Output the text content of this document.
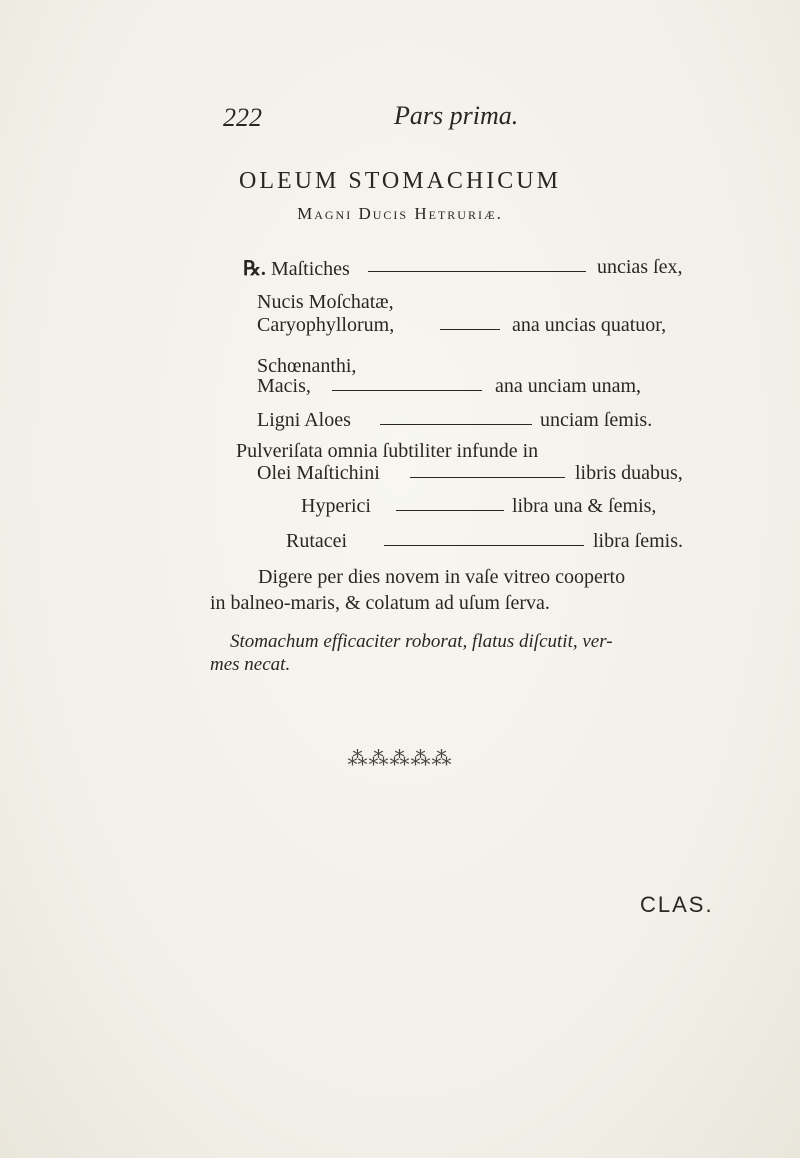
222	Pars prima.
OLEUM STOMACHICUM
Magni Ducis Hetruriæ.
℞. Maſtiches	uncias ſex,
Nucis Moſchatæ,
Caryophyllorum,	ana uncias quatuor,
Schœnanthi,
Macis,	ana unciam unam,
Ligni Aloes	unciam ſemis.
Pulveriſata omnia ſubtiliter infunde in
Olei Maſtichini	libris duabus,
Hyperici	libra una & ſemis,
Rutacei	libra ſemis.
Digere per dies novem in vaſe vitreo cooperto
in balneo-maris, & colatum ad uſum ſerva.
Stomachum efficaciter roborat, flatus diſcutit, ver-
mes necat.
⁂⁂⁂⁂⁂
CLAS.
